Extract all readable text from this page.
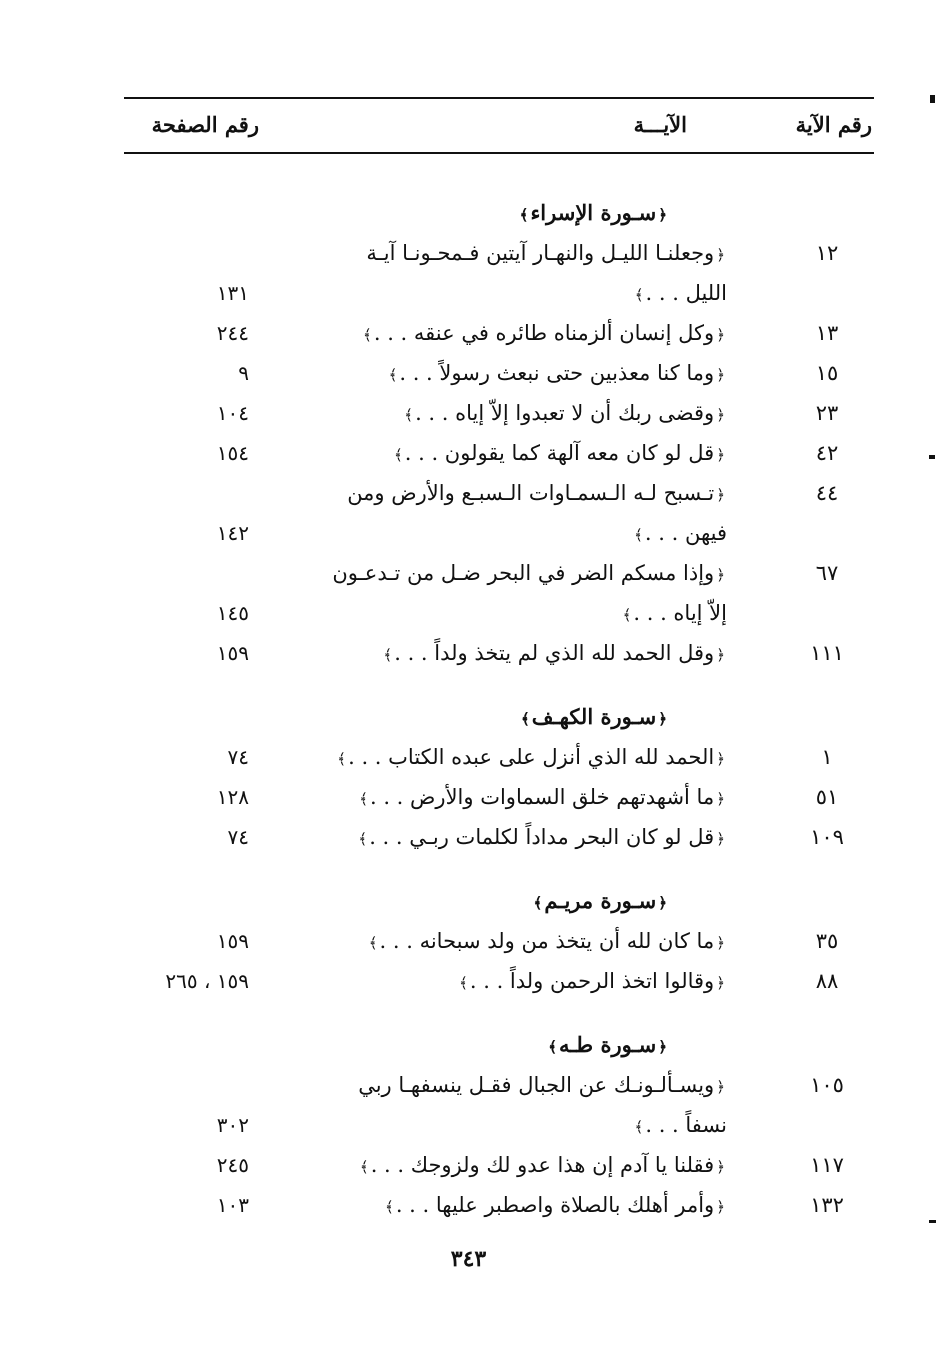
رقم الآية
الآيـــة
رقم الصفحة
﴿سـورة الإسراء﴾
١٢
﴿وجعلنـا الليـل والنهـار آيتين فـمحـونـا آيـة
الليل . . .﴾
١٣١
١٣
﴿وكل إنسان ألزمناه طائره في عنقه . . .﴾
٢٤٤
١٥
﴿وما كنا معذبين حتى نبعث رسولاً . . .﴾
٩
٢٣
﴿وقضى ربك أن لا تعبدوا إلاّ إياه . . .﴾
١٠٤
٤٢
﴿قل لو كان معه آلهة كما يقولون . . .﴾
١٥٤
٤٤
﴿تـسبح لـه الـسمـاوات الـسبـع والأرض ومن
فيهن . . .﴾
١٤٢
٦٧
﴿وإذا مسكم الضر في البحر ضـل من تـدعـون
إلاّ إياه . . .﴾
١٤٥
١١١
﴿وقل الحمد لله الذي لم يتخذ ولداً . . .﴾
١٥٩
﴿سـورة الكهـف﴾
١
﴿الحمد لله الذي أنزل على عبده الكتاب . . .﴾
٧٤
٥١
﴿ما أشهدتهم خلق السماوات والأرض . . .﴾
١٢٨
١٠٩
﴿قل لو كان البحر مداداً لكلمات ربـي . . .﴾
٧٤
﴿سـورة مريـم﴾
٣٥
﴿ما كان لله أن يتخذ من ولد سبحانه . . .﴾
١٥٩
٨٨
﴿وقالوا اتخذ الرحمن ولداً . . .﴾
١٥٩ ، ٢٦٥
﴿سـورة طـه﴾
١٠٥
﴿ويسـألـونـك عن الجبال فقـل ينسفهـا ربي
نسفاً . . .﴾
٣٠٢
١١٧
﴿فقلنا يا آدم إن هذا عدو لك ولزوجك . . .﴾
٢٤٥
١٣٢
﴿وأمر أهلك بالصلاة واصطبر عليها . . .﴾
١٠٣
٣٤٣
